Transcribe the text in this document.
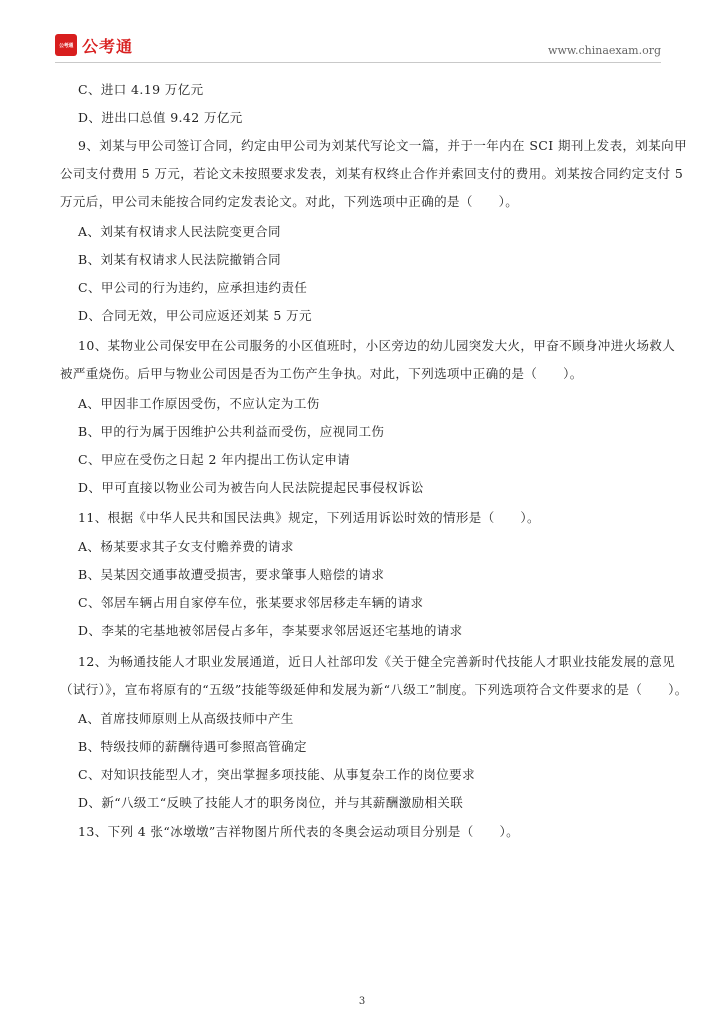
公考通 公考通	www.chinaexam.org
C、进口 4.19 万亿元
D、进出口总值 9.42 万亿元
9、刘某与甲公司签订合同，约定由甲公司为刘某代写论文一篇，并于一年内在 SCI 期刊上发表，刘某向甲
公司支付费用 5 万元，若论文未按照要求发表，刘某有权终止合作并索回支付的费用。刘某按合同约定支付 5
万元后，甲公司未能按合同约定发表论文。对此，下列选项中正确的是（　　）。
A、刘某有权请求人民法院变更合同
B、刘某有权请求人民法院撤销合同
C、甲公司的行为违约，应承担违约责任
D、合同无效，甲公司应返还刘某 5 万元
10、某物业公司保安甲在公司服务的小区值班时，小区旁边的幼儿园突发大火，甲奋不顾身冲进火场救人
被严重烧伤。后甲与物业公司因是否为工伤产生争执。对此，下列选项中正确的是（　　）。
A、甲因非工作原因受伤，不应认定为工伤
B、甲的行为属于因维护公共利益而受伤，应视同工伤
C、甲应在受伤之日起 2 年内提出工伤认定申请
D、甲可直接以物业公司为被告向人民法院提起民事侵权诉讼
11、根据《中华人民共和国民法典》规定，下列适用诉讼时效的情形是（　　）。
A、杨某要求其子女支付赡养费的请求
B、吴某因交通事故遭受损害，要求肇事人赔偿的请求
C、邻居车辆占用自家停车位，张某要求邻居移走车辆的请求
D、李某的宅基地被邻居侵占多年，李某要求邻居返还宅基地的请求
12、为畅通技能人才职业发展通道，近日人社部印发《关于健全完善新时代技能人才职业技能发展的意见
（试行）》，宣布将原有的“五级”技能等级延伸和发展为新“八级工”制度。下列选项符合文件要求的是（　　）。
A、首席技师原则上从高级技师中产生
B、特级技师的薪酬待遇可参照高管确定
C、对知识技能型人才，突出掌握多项技能、从事复杂工作的岗位要求
D、新“八级工“反映了技能人才的职务岗位，并与其薪酬激励相关联
13、下列 4 张“冰墩墩”吉祥物图片所代表的冬奥会运动项目分别是（　　）。
3
